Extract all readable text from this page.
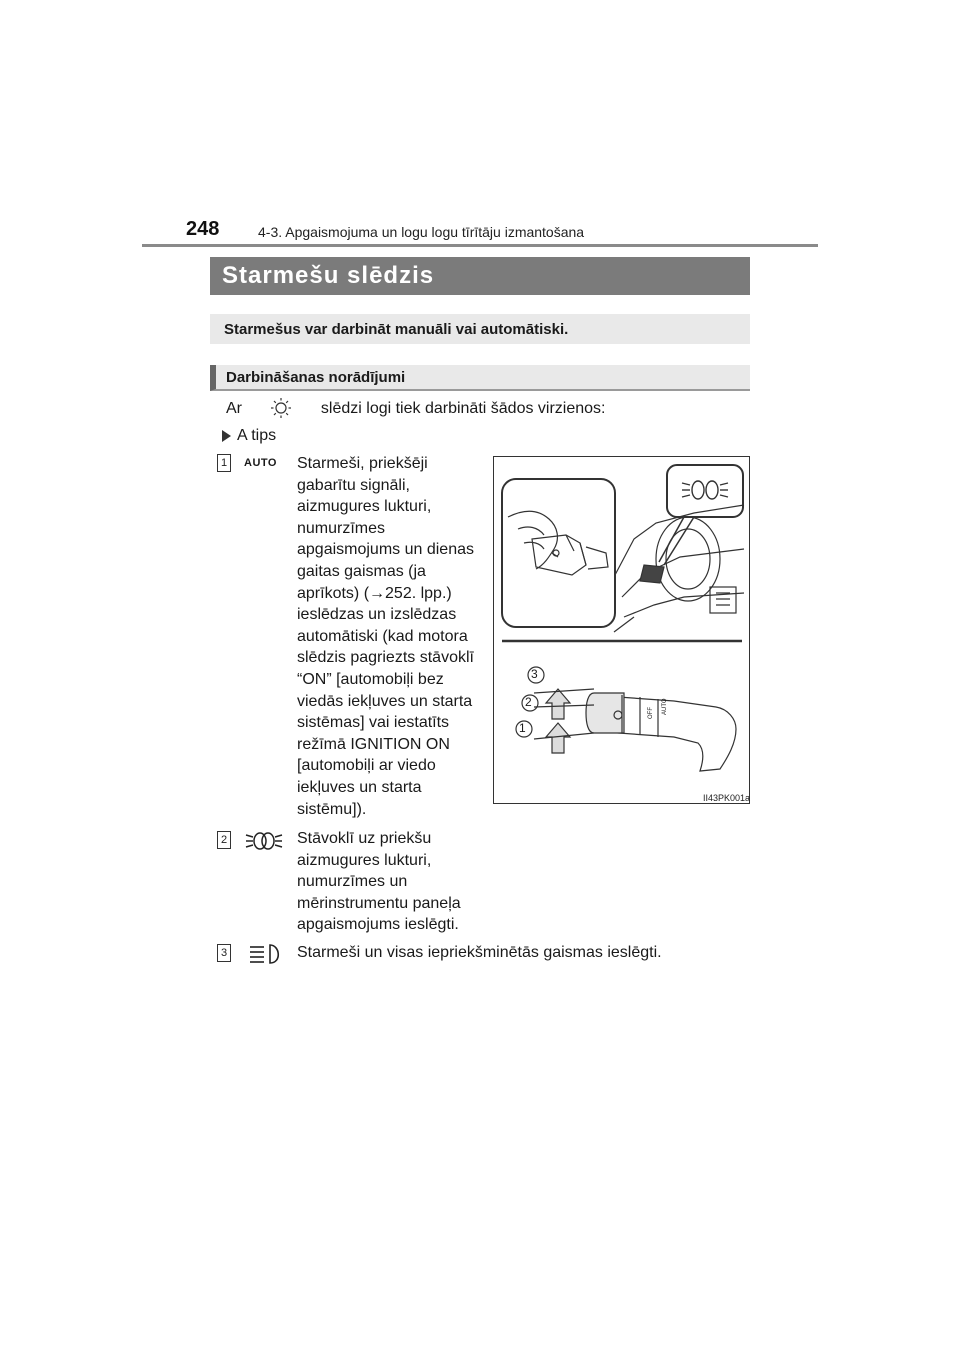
248	4-3. Apgaismojuma un logu logu tīrītāju izmantošana
Starmešu slēdzis
Starmešus var darbināt manuāli vai automātiski.
Darbināšanas norādījumi
Ar	slēdzi logi tiek darbināti šādos virzienos:
A tips
1	AUTO Starmeši, priekšēji
gabarītu signāli,
aizmugures lukturi,
numurzīmes
apgaismojums un dienas
gaitas gaismas (ja
aprīkots) (→252. lpp.)
ieslēdzas un izslēdzas
automātiski (kad motora
slēdzis pagriezts stāvoklī
“ON” [automobiļi bez
viedās iekļuves un starta
sistēmas] vai iestatīts
režīmā IGNITION ON
[automobiļi ar viedo
iekļuves un starta
sistēmu]).
3
2
1
AUTO
OFF
II43PK001a
2	Stāvoklī uz priekšu
aizmugures lukturi,
numurzīmes un
mērinstrumentu paneļa
apgaismojums ieslēgti.
3	Starmeši un visas iepriekšminētās gaismas ieslēgti.
